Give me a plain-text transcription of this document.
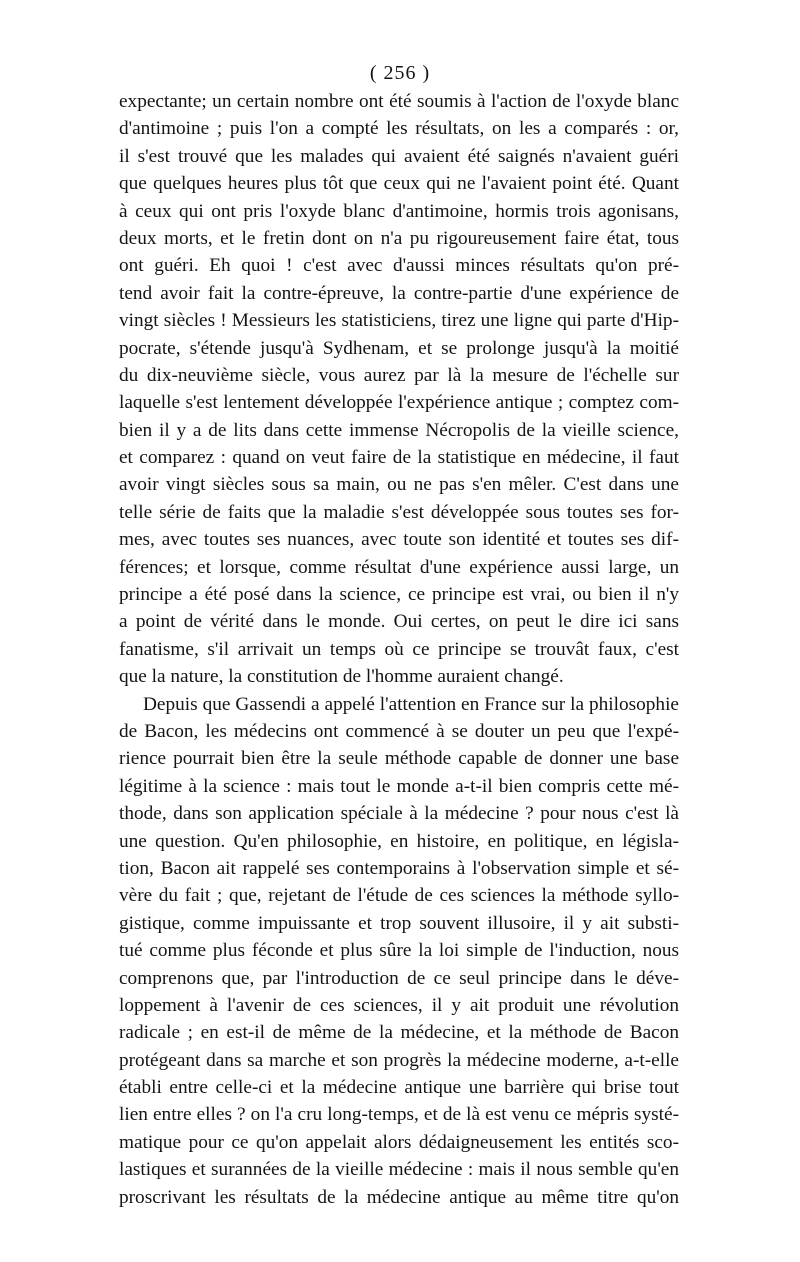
( 256 )
expectante; un certain nombre ont été soumis à l'action de l'oxyde blanc
d'antimoine ; puis l'on a compté les résultats, on les a comparés : or,
il s'est trouvé que les malades qui avaient été saignés n'avaient guéri
que quelques heures plus tôt que ceux qui ne l'avaient point été. Quant
à ceux qui ont pris l'oxyde blanc d'antimoine, hormis trois agonisans,
deux morts, et le fretin dont on n'a pu rigoureusement faire état, tous
ont guéri. Eh quoi ! c'est avec d'aussi minces résultats qu'on pré-
tend avoir fait la contre-épreuve, la contre-partie d'une expérience de
vingt siècles ! Messieurs les statisticiens, tirez une ligne qui parte d'Hip-
pocrate, s'étende jusqu'à Sydhenam, et se prolonge jusqu'à la moitié
du dix-neuvième siècle, vous aurez par là la mesure de l'échelle sur
laquelle s'est lentement développée l'expérience antique ; comptez com-
bien il y a de lits dans cette immense Nécropolis de la vieille science,
et comparez : quand on veut faire de la statistique en médecine, il faut
avoir vingt siècles sous sa main, ou ne pas s'en mêler. C'est dans une
telle série de faits que la maladie s'est développée sous toutes ses for-
mes, avec toutes ses nuances, avec toute son identité et toutes ses dif-
férences; et lorsque, comme résultat d'une expérience aussi large, un
principe a été posé dans la science, ce principe est vrai, ou bien il n'y
a point de vérité dans le monde. Oui certes, on peut le dire ici sans
fanatisme, s'il arrivait un temps où ce principe se trouvât faux, c'est
que la nature, la constitution de l'homme auraient changé.
Depuis que Gassendi a appelé l'attention en France sur la philosophie
de Bacon, les médecins ont commencé à se douter un peu que l'expé-
rience pourrait bien être la seule méthode capable de donner une base
légitime à la science : mais tout le monde a-t-il bien compris cette mé-
thode, dans son application spéciale à la médecine ? pour nous c'est là
une question. Qu'en philosophie, en histoire, en politique, en législa-
tion, Bacon ait rappelé ses contemporains à l'observation simple et sé-
vère du fait ; que, rejetant de l'étude de ces sciences la méthode syllo-
gistique, comme impuissante et trop souvent illusoire, il y ait substi-
tué comme plus féconde et plus sûre la loi simple de l'induction, nous
comprenons que, par l'introduction de ce seul principe dans le déve-
loppement à l'avenir de ces sciences, il y ait produit une révolution
radicale ; en est-il de même de la médecine, et la méthode de Bacon
protégeant dans sa marche et son progrès la médecine moderne, a-t-elle
établi entre celle-ci et la médecine antique une barrière qui brise tout
lien entre elles ? on l'a cru long-temps, et de là est venu ce mépris systé-
matique pour ce qu'on appelait alors dédaigneusement les entités sco-
lastiques et surannées de la vieille médecine : mais il nous semble qu'en
proscrivant les résultats de la médecine antique au même titre qu'on
